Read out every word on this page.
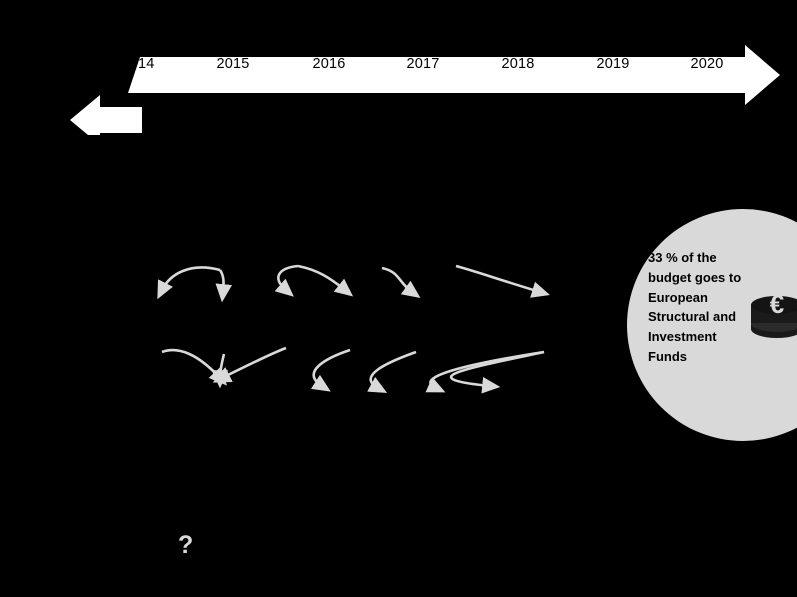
2014	2015	2016	2017	2018	2019	2020
33 % of the budget goes to European Structural and Investment Funds
€
?
